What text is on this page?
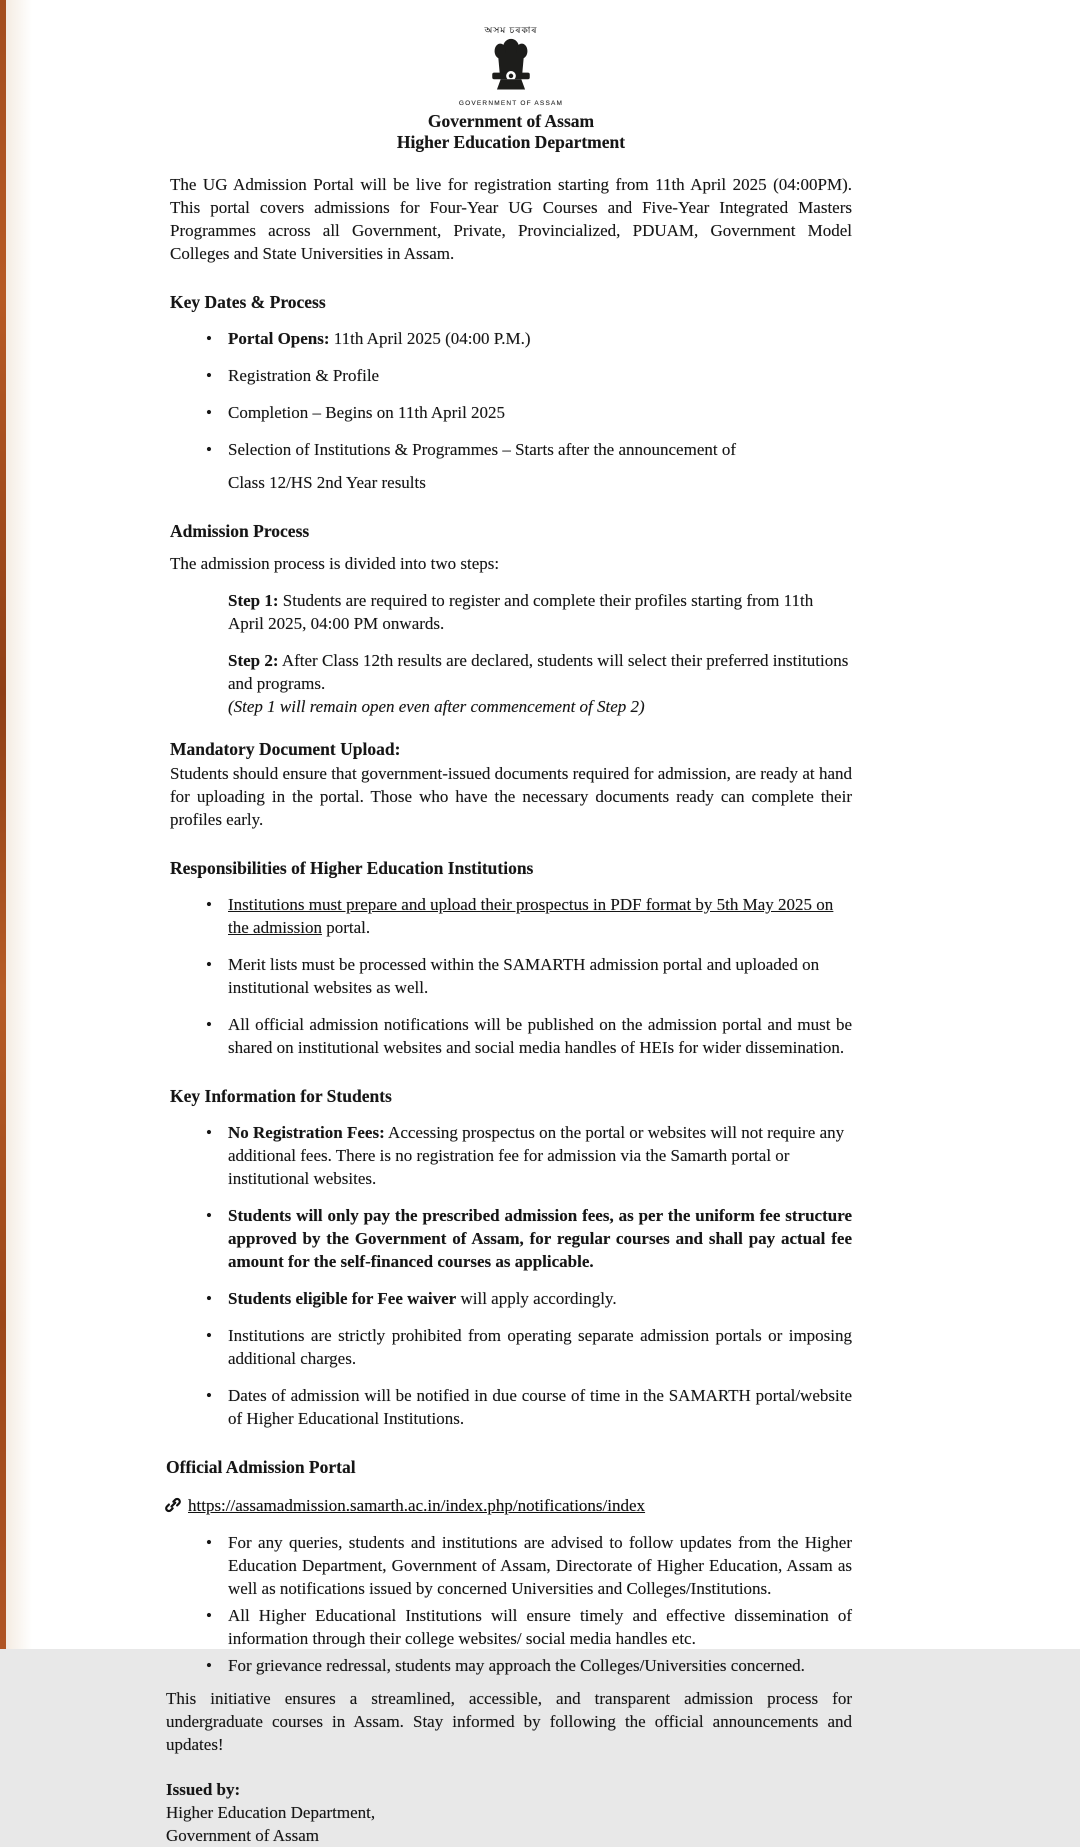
অসম চৰকাৰ
GOVERNMENT OF ASSAM
Government of Assam
Higher Education Department

The UG Admission Portal will be live for registration starting from 11th April 2025 (04:00PM). This portal covers admissions for Four-Year UG Courses and Five-Year Integrated Masters Programmes across all Government, Private, Provincialized, PDUAM, Government Model Colleges and State Universities in Assam.

Key Dates & Process
• Portal Opens: 11th April 2025 (04:00 P.M.)
• Registration & Profile
• Completion – Begins on 11th April 2025
• Selection of Institutions & Programmes – Starts after the announcement of

Class 12/HS 2nd Year results

Admission Process

The admission process is divided into two steps:

Step 1: Students are required to register and complete their profiles starting from 11th April 2025, 04:00 PM onwards.

Step 2: After Class 12th results are declared, students will select their preferred institutions and programs.
(Step 1 will remain open even after commencement of Step 2)

Mandatory Document Upload:

Students should ensure that government-issued documents required for admission, are ready at hand for uploading in the portal. Those who have the necessary documents ready can complete their profiles early.

Responsibilities of Higher Education Institutions
• Institutions must prepare and upload their prospectus in PDF format by 5th May 2025 on the admission portal.
• Merit lists must be processed within the SAMARTH admission portal and uploaded on institutional websites as well.
• All official admission notifications will be published on the admission portal and must be shared on institutional websites and social media handles of HEIs for wider dissemination.
Key Information for Students
• No Registration Fees: Accessing prospectus on the portal or websites will not require any additional fees. There is no registration fee for admission via the Samarth portal or institutional websites.
• Students will only pay the prescribed admission fees, as per the uniform fee structure approved by the Government of Assam, for regular courses and shall pay actual fee amount for the self-financed courses as applicable.
• Students eligible for Fee waiver will apply accordingly.
• Institutions are strictly prohibited from operating separate admission portals or imposing additional charges.
• Dates of admission will be notified in due course of time in the SAMARTH portal/website of Higher Educational Institutions.
Official Admission Portal
https://assamadmission.samarth.ac.in/index.php/notifications/index
• For any queries, students and institutions are advised to follow updates from the Higher Education Department, Government of Assam, Directorate of Higher Education, Assam as well as notifications issued by concerned Universities and Colleges/Institutions.
• All Higher Educational Institutions will ensure timely and effective dissemination of information through their college websites/ social media handles etc.
• For grievance redressal, students may approach the Colleges/Universities concerned.

This initiative ensures a streamlined, accessible, and transparent admission process for undergraduate courses in Assam. Stay informed by following the official announcements and updates!

Issued by:
Higher Education Department,
Government of Assam
